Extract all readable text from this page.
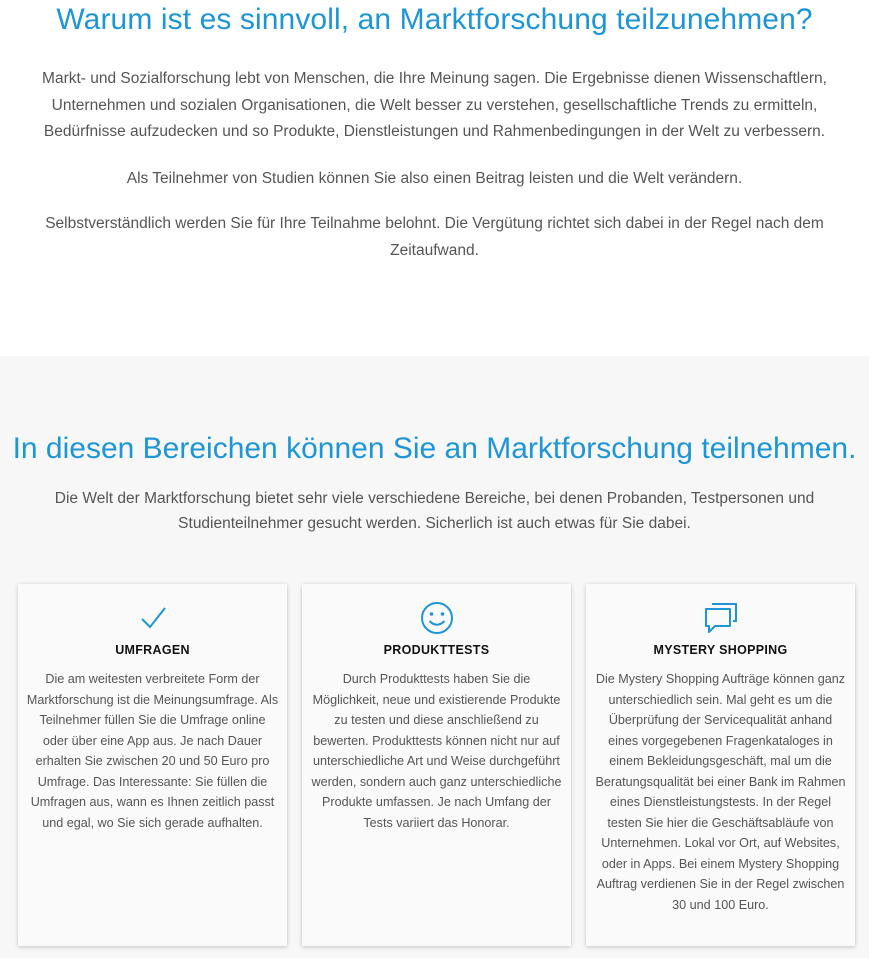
Warum ist es sinnvoll, an Marktforschung teilzunehmen?

Markt- und Sozialforschung lebt von Menschen, die Ihre Meinung sagen. Die Ergebnisse dienen Wissenschaftlern, Unternehmen und sozialen Organisationen, die Welt besser zu verstehen, gesellschaftliche Trends zu ermitteln, Bedürfnisse aufzudecken und so Produkte, Dienstleistungen und Rahmenbedingungen in der Welt zu verbessern.

Als Teilnehmer von Studien können Sie also einen Beitrag leisten und die Welt verändern.

Selbstverständlich werden Sie für Ihre Teilnahme belohnt. Die Vergütung richtet sich dabei in der Regel nach dem Zeitaufwand.

In diesen Bereichen können Sie an Marktforschung teilnehmen.

Die Welt der Marktforschung bietet sehr viele verschiedene Bereiche, bei denen Probanden, Testpersonen und Studienteilnehmer gesucht werden. Sicherlich ist auch etwas für Sie dabei.

UMFRAGEN

Die am weitesten verbreitete Form der Marktforschung ist die Meinungsumfrage. Als Teilnehmer füllen Sie die Umfrage online oder über eine App aus. Je nach Dauer erhalten Sie zwischen 20 und 50 Euro pro Umfrage. Das Interessante: Sie füllen die Umfragen aus, wann es Ihnen zeitlich passt und egal, wo Sie sich gerade aufhalten.

PRODUKTTESTS

Durch Produkttests haben Sie die Möglichkeit, neue und existierende Produkte zu testen und diese anschließend zu bewerten. Produkttests können nicht nur auf unterschiedliche Art und Weise durchgeführt werden, sondern auch ganz unterschiedliche Produkte umfassen. Je nach Umfang der Tests variiert das Honorar.

MYSTERY SHOPPING

Die Mystery Shopping Aufträge können ganz unterschiedlich sein. Mal geht es um die Überprüfung der Servicequalität anhand eines vorgegebenen Fragenkataloges in einem Bekleidungsgeschäft, mal um die Beratungsqualität bei einer Bank im Rahmen eines Dienstleistungstests. In der Regel testen Sie hier die Geschäftsabläufe von Unternehmen. Lokal vor Ort, auf Websites, oder in Apps. Bei einem Mystery Shopping Auftrag verdienen Sie in der Regel zwischen 30 und 100 Euro.
